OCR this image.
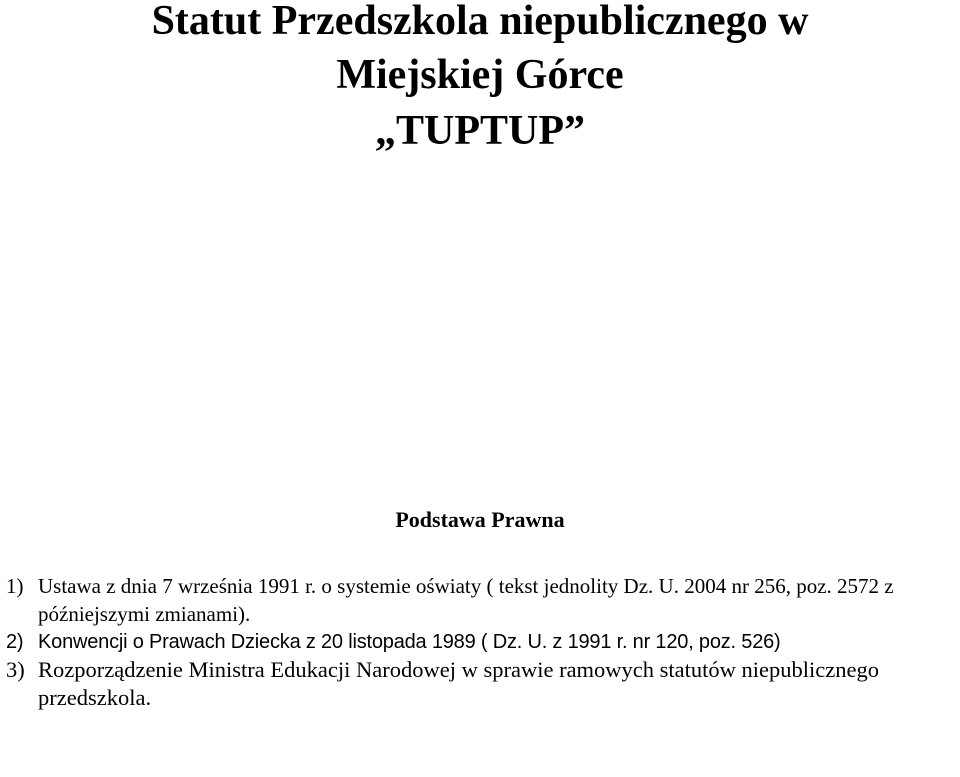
Statut Przedszkola niepublicznego w
Miejskiej Górce
„TUPTUP”
Podstawa Prawna
1) Ustawa z dnia 7 września 1991 r. o systemie oświaty ( tekst jednolity Dz. U. 2004 nr 256, poz. 2572 z późniejszymi zmianami).
2) Konwencji o Prawach Dziecka z 20 listopada 1989 ( Dz. U. z 1991 r. nr 120, poz. 526)
3) Rozporządzenie Ministra Edukacji Narodowej w sprawie ramowych statutów niepublicznego przedszkola.
